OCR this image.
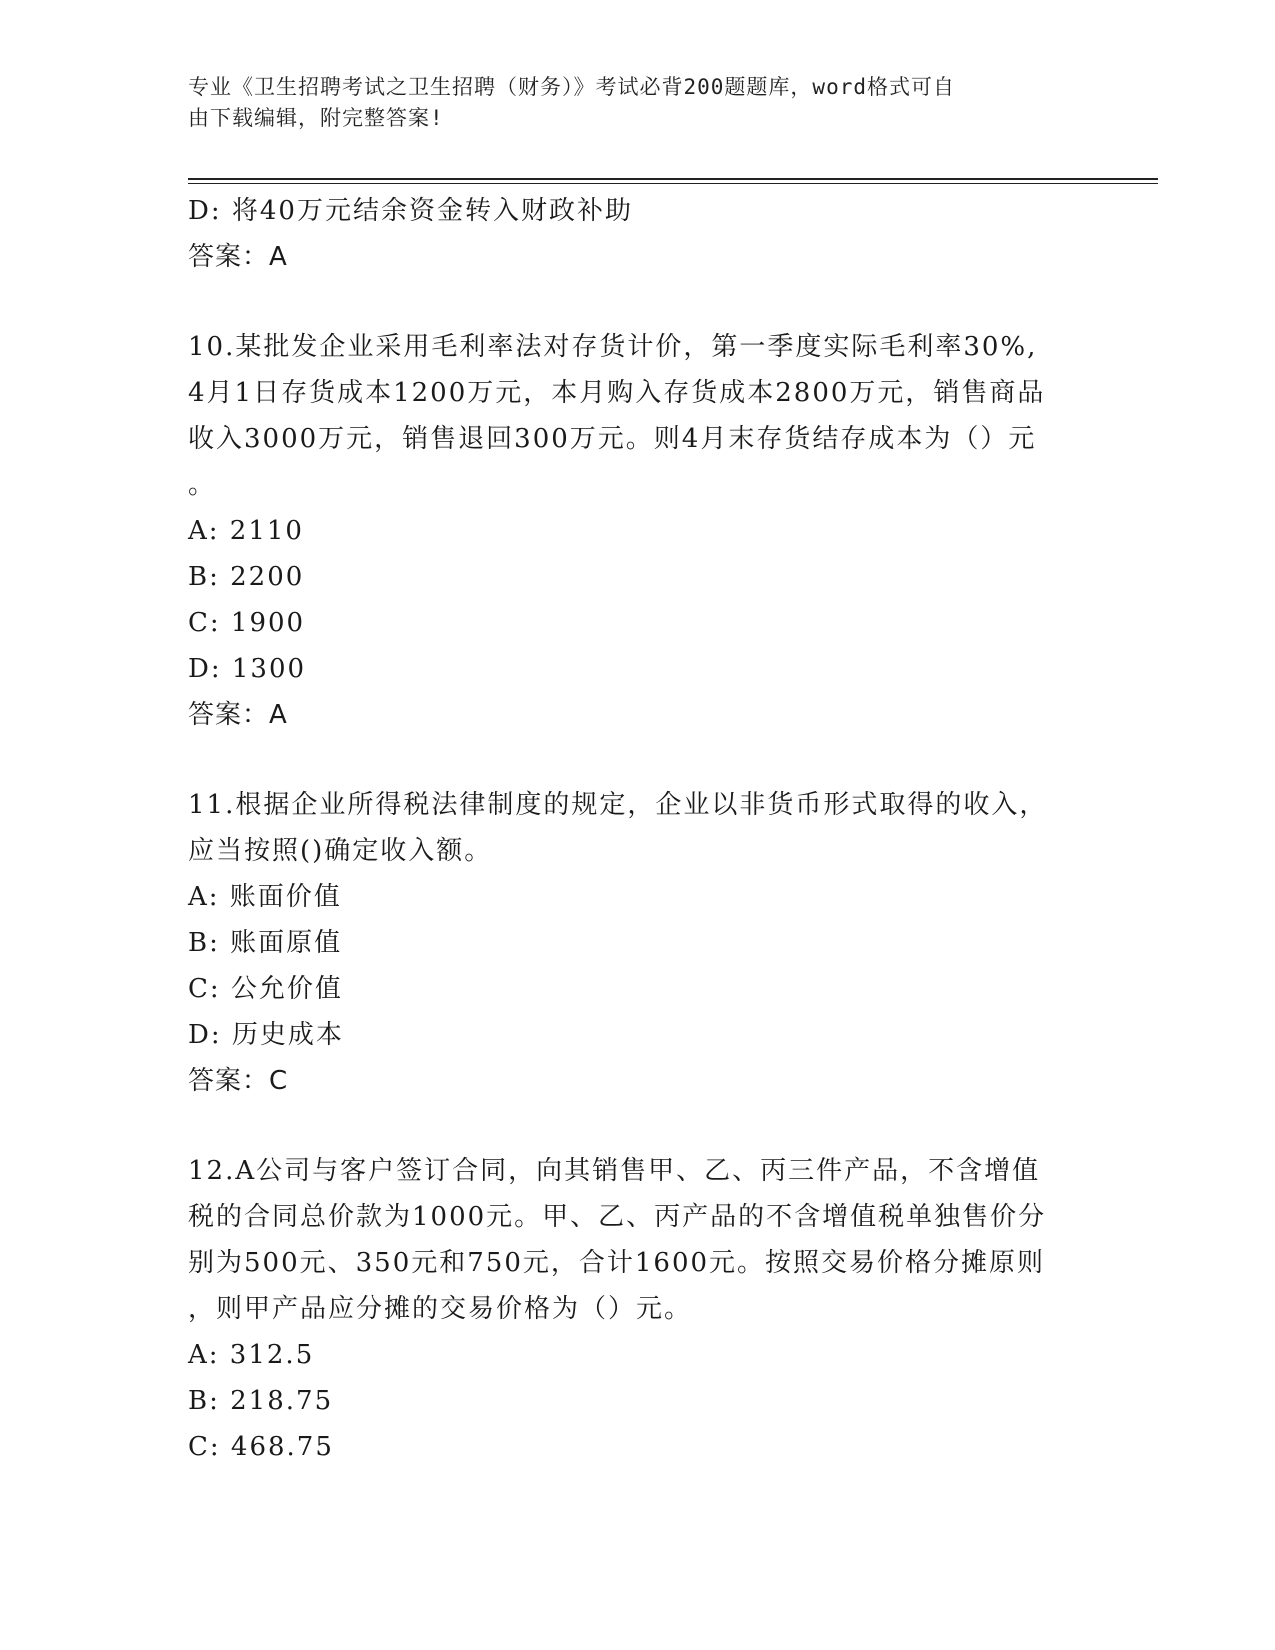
专业《卫生招聘考试之卫生招聘（财务）》考试必背200题题库，word格式可自
由下载编辑，附完整答案!
D: 将40万元结余资金转入财政补助
答案：A
10.某批发企业采用毛利率法对存货计价，第一季度实际毛利率30%,
4月1日存货成本1200万元，本月购入存货成本2800万元，销售商品
收入3000万元，销售退回300万元。则4月末存货结存成本为（）元
。
A: 2110
B: 2200
C: 1900
D: 1300
答案：A
11.根据企业所得税法律制度的规定，企业以非货币形式取得的收入，
应当按照()确定收入额。
A: 账面价值
B: 账面原值
C: 公允价值
D: 历史成本
答案：C
12.A公司与客户签订合同，向其销售甲、乙、丙三件产品，不含增值
税的合同总价款为1000元。甲、乙、丙产品的不含增值税单独售价分
别为500元、350元和750元，合计1600元。按照交易价格分摊原则
，则甲产品应分摊的交易价格为（）元。
A: 312.5
B: 218.75
C: 468.75
